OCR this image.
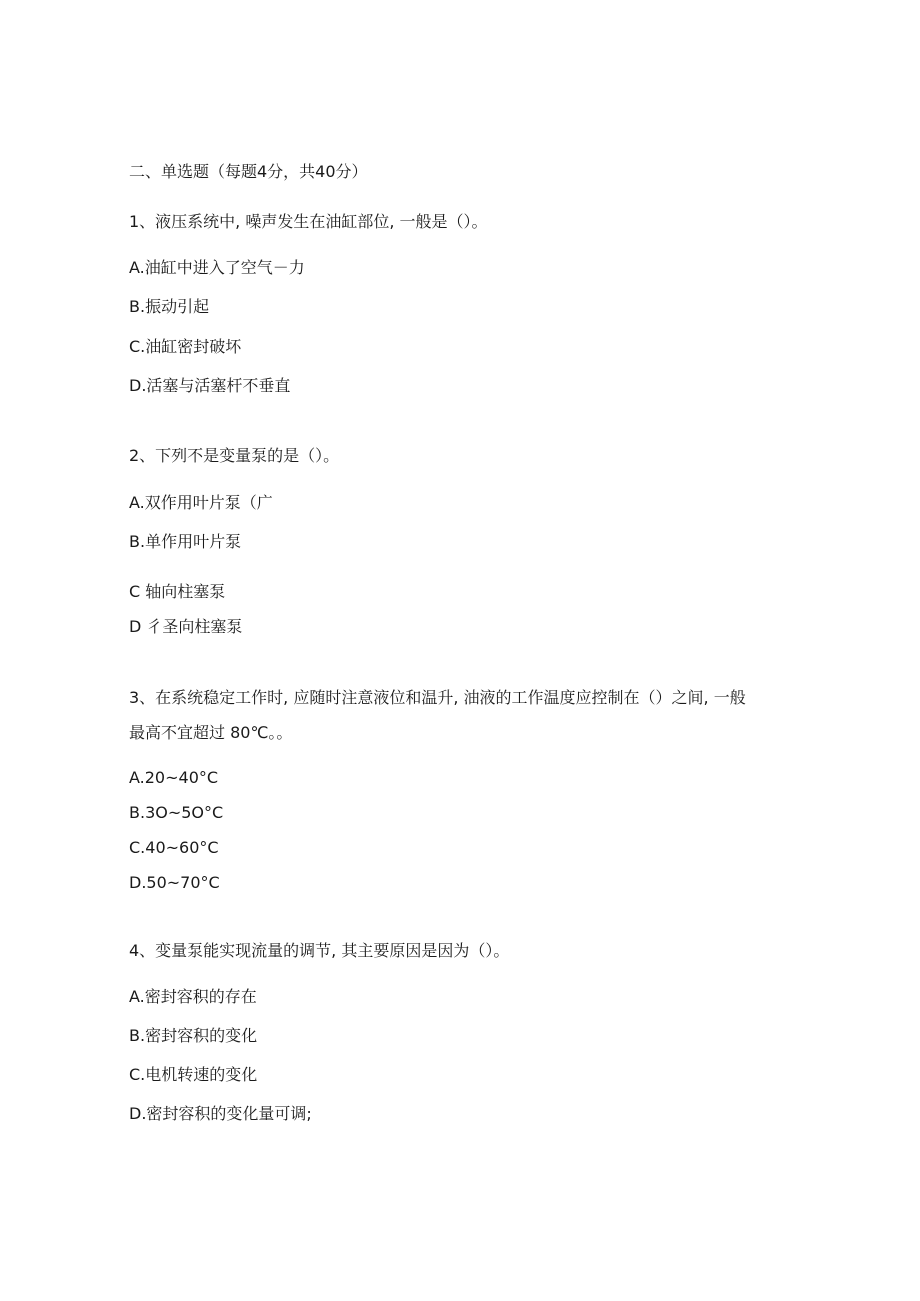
二、单选题（每题4分，共40分）
1、液压系统中, 噪声发生在油缸部位, 一般是（）。
A.油缸中进入了空气－力
B.振动引起
C.油缸密封破坏
D.活塞与活塞杆不垂直
2、下列不是变量泵的是（）。
A.双作用叶片泵（广
B.单作用叶片泵
C 轴向柱塞泵
D 彳圣向柱塞泵
3、在系统稳定工作时, 应随时注意液位和温升, 油液的工作温度应控制在（）之间, 一般
最高不宜超过 80℃。。
A.20~40°C
B.3O~5O°C
C.40~60°C
D.50~70°C
4、变量泵能实现流量的调节, 其主要原因是因为（）。
A.密封容积的存在
B.密封容积的变化
C.电机转速的变化
D.密封容积的变化量可调;
